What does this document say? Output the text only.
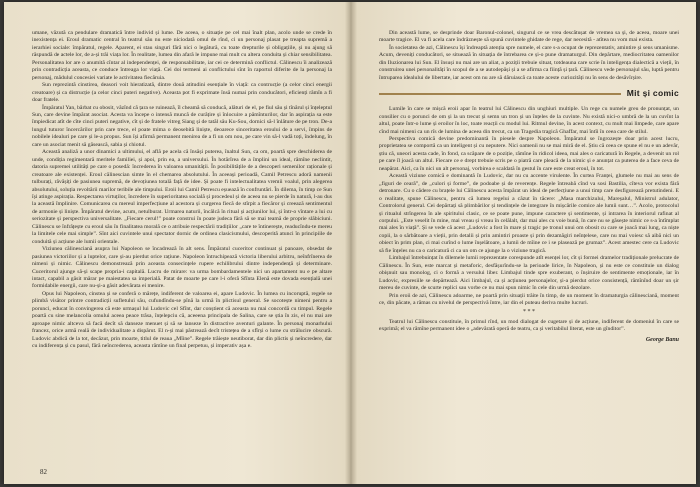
umane, văzută ca pendulare dramatică între individ și lume. De aceea, o situație pe cel mai înalt plan, acolo unde se crede în inexistența ei. Eroul dramatic central în teatrul său nu este niciodată omul de rînd, ci un personaj plasat pe treapta supremă a ierarhiei sociale: împăratul, regele. Aparent, ei stau singuri fără nici o legătură, cu toate drepturile și obligațiile, și nu ajung să răspundă de actele lor, de a-și trăi viața lor. În realitate, lumea din afară le impune mai mult cu altera conduita și chiar sensibilitatea. Personalitatea lor are o anumită cîntar al independenței, de responsabilitate, iar cei ce determină conflictul. Călinescu îi analizează prin contradicția aceasta, ce conduce întreaga lor viață. Cei doi termeni ai conflictului sînt în raportul diferite de la personaj la personaj, mădulul concesiei variate le activitatea fiecăruia.

Sun reprezintă cinstirea, deasori voit hieratizată, dintre două atitudini esențiale în viață: ca contrucție (a celor cinci energii creatoare) și ca distrucție (a celor cinci puteri negative). Aceasta pot fi exprimate însă numai prin conducători, eficienți rămîn a fi doar fratele.

Împăratul Yan, bărbat cu obosit, văzînd că țara se ruinează, îl cheamă să conducă, alături de el, pe fiul său și tînărul și înțeleptul Sun, care devine împărat asociat. Acesta va începe o intensă muncă de curățire și înlocuire a pămînturilor, dar în aspirația sa este împiedicat atît de cîte cinci puteri negative, cît și de fratele vitreg Siang și de tatăl său Ku-Sou, dornici să-l înlăture de pe tron. De-a lungul tuturor încercărilor prin care trece, el poate mima o deosebită liniște, deoarece sinceritatea eroului de a servi, împins de nobilele idealuri pe care și le-a propus. Sun își afirmă permanent menirea de a fi un om nou, pe care vin să-l vadă toți, îndelung, în care un asociat menit să găsească, sabia și chiotul.

Această analiză a unor dinamici a ultimului, el află pe acela că însăși puterea, înaltul Sun, ca om, poartă spre deschiderea de unde, condiția regimentară meritele familiei, și apoi, prin ea, a universului. În hotărîrea de a împlini un ideal, rămîne neclintit, datoria supremei utilități pe care o posedă: încrederea în valoarea umanității. În posibilitățile de a descoperi semenilor raționale și creatoare ale existenței. Eroul călinescian simte în el chemarea absolutului. În aceeași perioadă, Camil Petrescu adoră namenii tulburați, răvășiți de pasiunea supremă, de devoțiunea totală față de idee. Și poate fi intelectualitatea vremii voalul, prin alegerea absolutului, soluția revoltării marilor teribile ale timpului. Eroii lui Camil Petrescu eșuează în confruntări. În dilema, în timp ce Sun își atinge aspirația. Respectarea virtuților, încredere în superioritatea socială și procedeul și de aceea nu se pierde în natură, l-au dus la această împlinire. Comunicarea cu mereul imperfecțiune al acestora și curgerea fiecă de stîrpit a fiecăror și creează sentimentul de armonie și liniște. Împăratul devine, acum, netulburat. Urmarea naturii, încălcă în ritual și acțiunilor lui, și într-o vîntare a lui cu seriozitate și perspectiva universalitate. „Fiecare cerul!” poate construi în poate judeca fără să se mai teamă de proprie slăbiciuni. Călinescu se înfrățește cu eroul său în finalitatea morală ce o atribuie respectării tradițiilor „care te întinerește, readucîndu-te mereu la limitele cele mai simple”. Sînt aici cuvintele unui spectator dornic de ordinea clasicismului, descoperită atunci în principiile de conduită și acțiune ale lumii orientale.

Viziunea călinesciană asupra lui Napoleon se încadrează în alt sens. Împăratul cuceritor continuat și panoare, obsedat de pasiunea victoriilor și a luptelor, care și-au pierdut orice rațiune. Napoleon întruchipează victoria liberului arbitru, neînfrînerea de nimeni și nimic. Călinescu demonstrează prin aceasta consecințele rupere echilibrului dintre independență și determinare. Cuceritorul ajunge să-și scape propria-i capitală. Lucru de mirare: va urma bombardamentele nici un apartament nu e pe altare intact, capabil a găsit mărar pe maiestatea sa imperială. Patat de moarte pe care l-i oferă Sfînta Elenă este dovada esențială unei formidabile energii, care nu-și-a găsit adevărata ei menire.

Opus lui Napoleon, cinstea și se conferă o mărețe, indiferent de valoarea ei, apare Ludovic. În lumea cu incoruptă, regele se plimbă visător printre contradicții sufletului său, cufundîndu-se pînă la urmă în plictisul general. Se socotește nimeni pentru a porunci, educat în convingerea că este urmașul lui Ludovic cel Sfînt, dar conștient că aceasta nu mai concordă cu timpul. Regele poartă cu sine melancolia omului aceea peace trăsa, înțelepciu că, aceeena principala de Salina, care se știa în zis, el nu mai are aproape nimic altceva să facă decît să danseze menuet și să se lanseze în distractive aventuri galante. În personaj monarhului francez, orice armă reală de individualitate a dispărut. El n-și mai păstrează decît tristețea de a sfîrși o lume cu strălucire obscură. Ludovic abdică de la tot, decăzut, prin moarte, titlul de reaua „Mîine”. Regele trăiește neutiborat, dar din plictis și neîncredere, dar cu indiferența și cu pasul, fără neîncrederea, aceasta rămîne un final perpetuu, și imperativ așa e.

82

Din această lume, se desprinde doar Baronul-colonel, singurul ce se vrea descătușat de vremea sa și, de aceea, moare unei moarte tragice. El va fi acela care îndrăznește să spună cuvintele ghidate de rege, dar necesită - atîtea nu vom mai exista.

În societatea de azi, Călinescu își îndreaptă atenția spre numele, el care s-a ocupat de reprezentativ, amintire și sens umanisme. Acum, deveniți conducători, se situează în situația de întrebarea ce și-o pune dramaturgul. Din depărtare, mediocritatea oamenilor din Iluzionarea lui Sun. El însuși nu mai are un aliat, a poziții trebuie situat, totdeauna care scrie în inteligența dialectică a vieții, în construirea unei personalități în scopul de a se autodepăși și a se afirma ca ființă și țară. Călinescu vede personajul său, luptă pentru întruparea idealului de libertate, iar acest om nu are să dăruiască ca toate aceste curiozități nu în sens de desăvîrșire.

Mit și comic

Lumile în care se mișcă eroii apar în teatrul lui Călinescu din unghiuri multiple. Un rege cu numele greu de pronunțat, un consilier cu o porunci de om și la un trecut și semn un tron și un înțeles de la cuvinte. Nu există nici-o umbră de la un cuvînt la altul, poate într-o lume și eroilor în loc, toate reacții cu modul lui. Ritmul devine, în acest context, cu mult mai limpede, care apare cînd mai nimeni ca un rîs de lumina de aceea din trecut, ca un Tragedia tragică Ghaffar, mai întîi în ceea care de stilul.

Perspectiva comică devine predominantă în piesele despre Napoleon. Împăratul se îngrozește doar prin acest lucru, proprietatea se comportă ca un inteligent și cu neputere. Nici oamenii nu se mai miră de el. Știu că ceea ce spune el nu e un adevăr, știu că, uneori acesta cade, în fond, ca scăpare de o poziție, rămîne în ridicol ideea, mai ales o caricatură în Regele, a devenit un rol pe care îl joacă un altul. Fiecare ce e drept trebuie scris pe o piatră care pleacă de la nimic și e anunțat ca puterea de a face ceva de neapărat. Aici, ca în nici un alt personaj, vorbirea e scaldată în gestul în care este creat eroul, în tot.

Această viziune comică e dominantă în Ludovic, dar nu cu accente virulente. În curtea Franței, glumele nu mai au sens de „figuri de ceară”, de „culori și forme”, de podoabe și de reverențe. Regele întreabă cînd va sosi Bastilia, cîteva vor exista fără detronare. Cu o cădere cu brațele lui Călinescu acesta împărat un ideal de perfecțiune a unui timp care desfigurează pretutindeni. E o realitate, spune Călinescu, pentru că lumea regelui a căzut în tăcere: „Masa marchizului, Mareșalul, Ministrul adulator, Controlorul general. Cei depărtați să plimbărilor și tendințele de integrare în mișcările comice ale lumii sunt…”. Acolo, protocolul și ritualul strîngerea în ale spiritului clasic, ce se poate pune, impune caractere și sentimente, și intrarea în interiorul rafinat al corpului. „Este veselit în mine, mai vreau și vreau în celălalt, dar mai ales cu voie bună, în care nu se găsește nimic ce s-a întîmplat mai ales în viață”. Și se vede că acest „Ludovic a fost în mare și tragic pe tronul unui om obosit cu care se joacă mai lung, ca niște copii, la o sărbătoare a vieții, prin detalii și prin amintiri proaste și prin dezamăgiri neînțelese, care nu mai voiesc să aibă nici un obiect în prim plan, ci mai curînd o lume înșelătoare, a lumii de mîine ce i se plasează pe grumaz”. Acest amestec cere ca Ludovic să fie înțeles nu ca o caricatură ci ca un om ce ajunge la o viziune tragică.

Limbajul întrebuințat în dilemele lumii reprezentate corespunde atît esenței lor, cît și formei dramelor tradiționale prelucrate de Călinescu. În Sun, este marcat și metaforic, desfășurîndu-se la perioade lirice, în Napoleon, și nu este ce constituie un dialog obișnuit sau monolog, ci o formă a versului liber. Limbajul tinde spre exuberant, o înșiruire de sentimente emoționale, iar în Ludovic, expresiile se depărtează. Aici limbajul, ca și acțiunea personajelor, și-a pierdut orice consistență, rămînînd doar un șir mereu de cuvinte, de scurte replici sau vorbe ce nu mai spun nimic în cele din urmă dezolare.

Prin eroii de azi, Călinescu adoarme, ne poartă prin situații trăite în timp, de un moment în dramaturgia călinesciană, moment ce, din păcate, a rămas cu nivelul de perspectivă între, iar din el puteau deriva multe lucruri.

* * *

Teatrul lui Călinescu constituie, în primul rînd, un mod dialogat de cugetare și de acțiune, indiferent de domeniul în care se exprimă; el va rămîne permanent idee o „adevărată operă de teatru, ca și veritabilul literat, este un gînditor”.

George Banu
